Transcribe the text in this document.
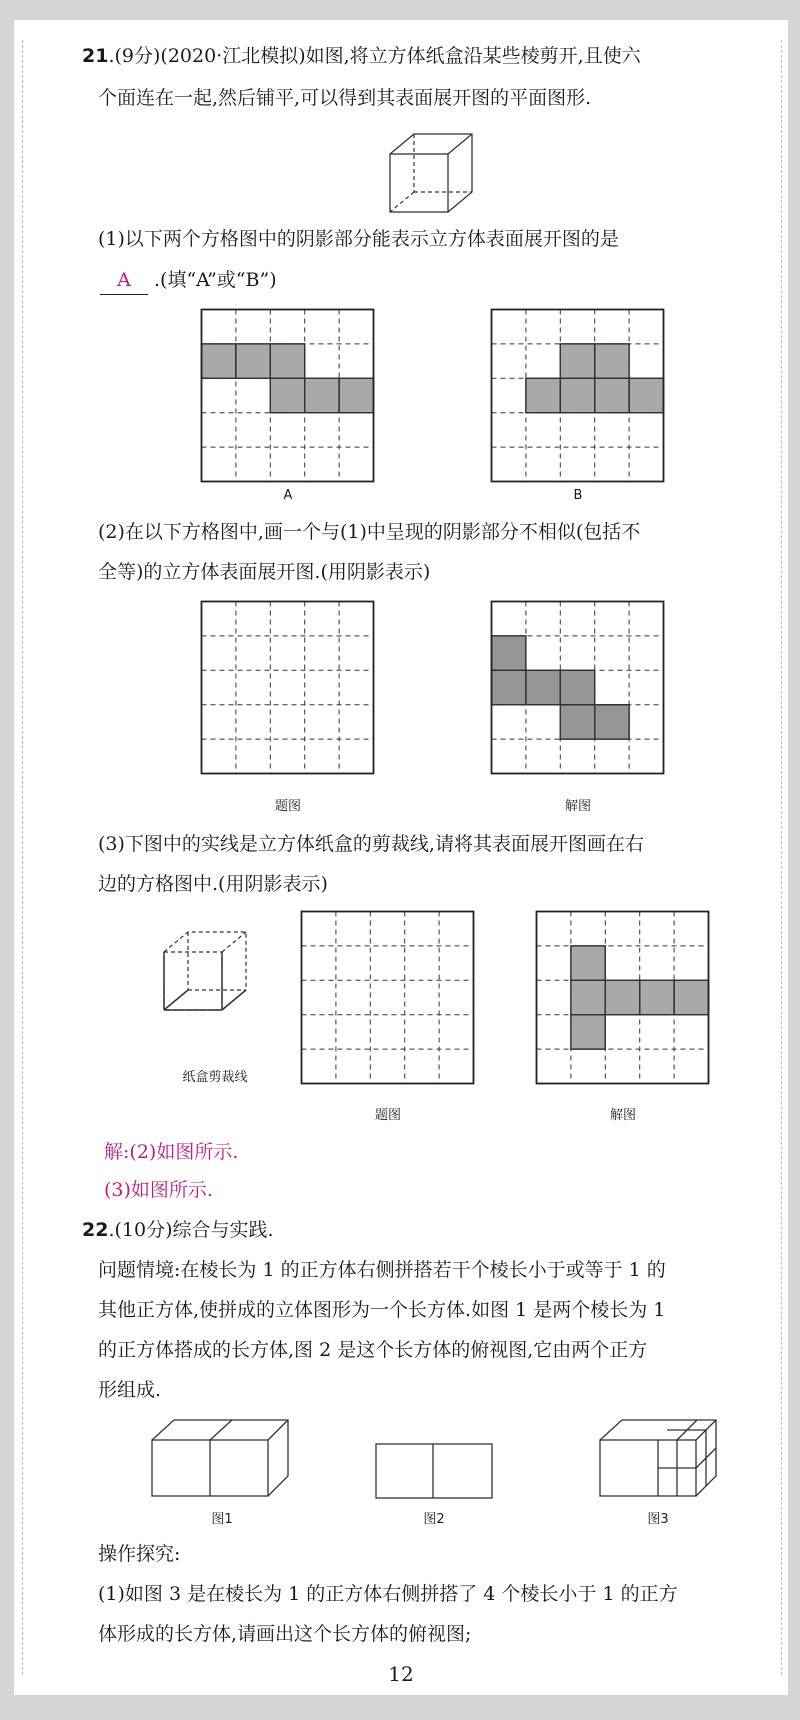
21.(9分)(2020·江北模拟)如图,将立方体纸盒沿某些棱剪开,且使六
个面连在一起,然后铺平,可以得到其表面展开图的平面图形.
(1)以下两个方格图中的阴影部分能表示立方体表面展开图的是
A .(填“A”或“B”)
A	B
(2)在以下方格图中,画一个与(1)中呈现的阴影部分不相似(包括不
全等)的立方体表面展开图.(用阴影表示)
题图	解图
(3)下图中的实线是立方体纸盒的剪裁线,请将其表面展开图画在右
边的方格图中.(用阴影表示)
纸盒剪裁线
题图	解图
解:(2)如图所示.
(3)如图所示.
22.(10分)综合与实践.
问题情境:在棱长为 1 的正方体右侧拼搭若干个棱长小于或等于 1 的
其他正方体,使拼成的立体图形为一个长方体.如图 1 是两个棱长为 1
的正方体搭成的长方体,图 2 是这个长方体的俯视图,它由两个正方
形组成.
图1	图2	图3
操作探究:
(1)如图 3 是在棱长为 1 的正方体右侧拼搭了 4 个棱长小于 1 的正方
体形成的长方体,请画出这个长方体的俯视图;
12
